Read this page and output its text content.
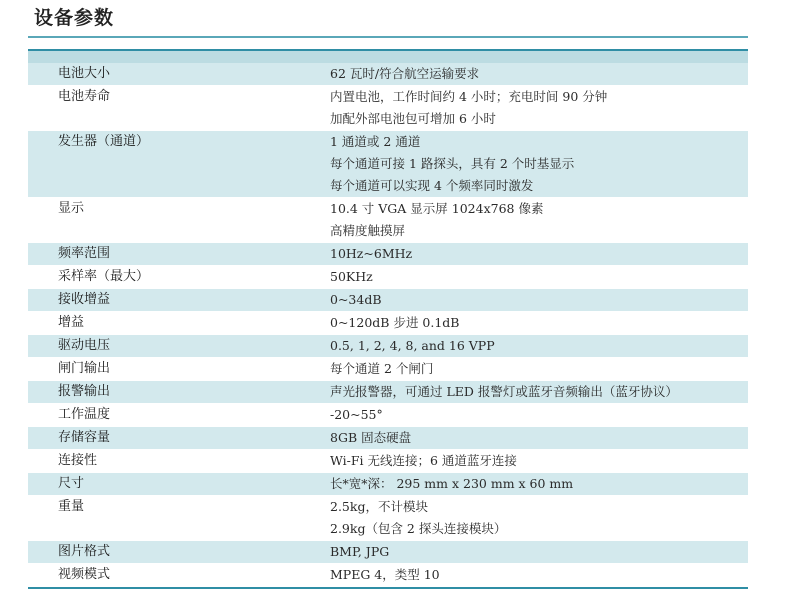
设备参数
电池大小	62 瓦时/符合航空运输要求
电池寿命	内置电池，工作时间约 4 小时；充电时间 90 分钟
加配外部电池包可增加 6 小时
发生器（通道）	1 通道或 2 通道
每个通道可接 1 路探头，具有 2 个时基显示
每个通道可以实现 4 个频率同时激发
显示	10.4 寸 VGA 显示屏 1024x768 像素
高精度触摸屏
频率范围	10Hz~6MHz
采样率（最大）	50KHz
接收增益	0~34dB
增益	0~120dB 步进 0.1dB
驱动电压	0.5, 1, 2, 4, 8, and 16 VPP
闸门输出	每个通道 2 个闸门
报警输出	声光报警器，可通过 LED 报警灯或蓝牙音频输出（蓝牙协议）
工作温度	-20~55°
存储容量	8GB 固态硬盘
连接性	Wi-Fi 无线连接；6 通道蓝牙连接
尺寸	长*宽*深： 295 mm x 230 mm x 60 mm
重量	2.5kg，不计模块
2.9kg（包含 2 探头连接模块）
图片格式	BMP, JPG
视频模式	MPEG 4，类型 10
